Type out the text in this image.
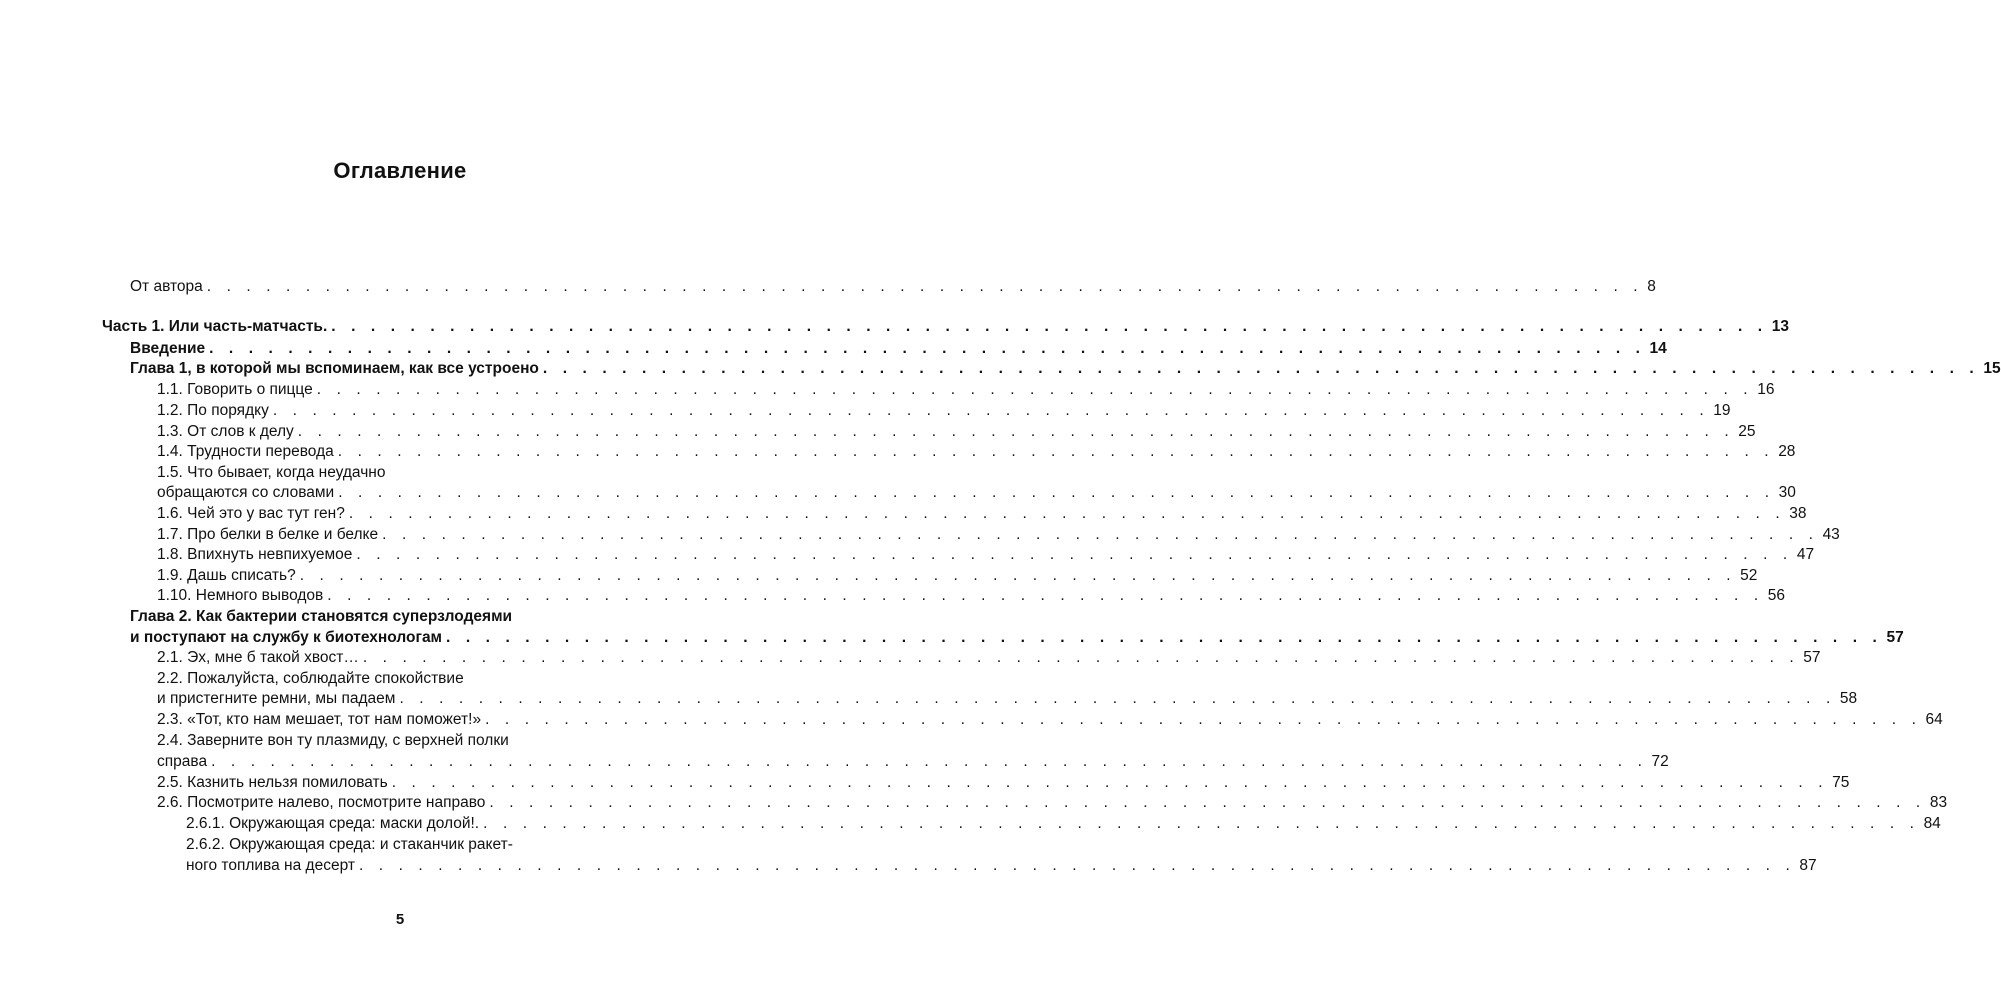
Оглавление
От автора . . . . . . . . . . . . . . . . . . . . . . . . . . . . . . . . . . . . . . . . . . . . . . . . . . . . . . . . . . . . . . . . . . . . . . . . . 8
Часть 1. Или часть-матчасть. . . . . . . . . . . . . . . . . . . . . . . . . . . . . . . . . . . . . . . . . . . . . . . . . . . . . . . . . . . . . . . . . . . . . . . . . . 13
Введение . . . . . . . . . . . . . . . . . . . . . . . . . . . . . . . . . . . . . . . . . . . . . . . . . . . . . . . . . . . . . . . . . . . . . . . . . 14
Глава 1, в которой мы вспоминаем, как все устроено . . . . . . . . . . . . . . . . . . . . . . . . . . . . . . . . . . . . . . . . . . . . . . . . . . . . . . . . . . . . . . . . . . . . . . . . . 15
1.1. Говорить о пицце . . . . . . . . . . . . . . . . . . . . . . . . . . . . . . . . . . . . . . . . . . . . . . . . . . . . . . . . . . . . . . . . . . . . . . . . . 16
1.2. По порядку . . . . . . . . . . . . . . . . . . . . . . . . . . . . . . . . . . . . . . . . . . . . . . . . . . . . . . . . . . . . . . . . . . . . . . . . . 19
1.3. От слов к делу . . . . . . . . . . . . . . . . . . . . . . . . . . . . . . . . . . . . . . . . . . . . . . . . . . . . . . . . . . . . . . . . . . . . . . . . . 25
1.4. Трудности перевода . . . . . . . . . . . . . . . . . . . . . . . . . . . . . . . . . . . . . . . . . . . . . . . . . . . . . . . . . . . . . . . . . . . . . . . . . 28
1.5. Что бывает, когда неудачно
обращаются со словами . . . . . . . . . . . . . . . . . . . . . . . . . . . . . . . . . . . . . . . . . . . . . . . . . . . . . . . . . . . . . . . . . . . . . . . . . 30
1.6. Чей это у вас тут ген? . . . . . . . . . . . . . . . . . . . . . . . . . . . . . . . . . . . . . . . . . . . . . . . . . . . . . . . . . . . . . . . . . . . . . . . . . 38
1.7. Про белки в белке и белке . . . . . . . . . . . . . . . . . . . . . . . . . . . . . . . . . . . . . . . . . . . . . . . . . . . . . . . . . . . . . . . . . . . . . . . . . 43
1.8. Впихнуть невпихуемое . . . . . . . . . . . . . . . . . . . . . . . . . . . . . . . . . . . . . . . . . . . . . . . . . . . . . . . . . . . . . . . . . . . . . . . . . 47
1.9. Дашь списать? . . . . . . . . . . . . . . . . . . . . . . . . . . . . . . . . . . . . . . . . . . . . . . . . . . . . . . . . . . . . . . . . . . . . . . . . . 52
1.10. Немного выводов . . . . . . . . . . . . . . . . . . . . . . . . . . . . . . . . . . . . . . . . . . . . . . . . . . . . . . . . . . . . . . . . . . . . . . . . . 56
Глава 2. Как бактерии становятся суперзлодеями
и поступают на службу к биотехнологам . . . . . . . . . . . . . . . . . . . . . . . . . . . . . . . . . . . . . . . . . . . . . . . . . . . . . . . . . . . . . . . . . . . . . . . . . 57
2.1. Эх, мне б такой хвост… . . . . . . . . . . . . . . . . . . . . . . . . . . . . . . . . . . . . . . . . . . . . . . . . . . . . . . . . . . . . . . . . . . . . . . . . . 57
2.2. Пожалуйста, соблюдайте спокойствие
и пристегните ремни, мы падаем . . . . . . . . . . . . . . . . . . . . . . . . . . . . . . . . . . . . . . . . . . . . . . . . . . . . . . . . . . . . . . . . . . . . . . . . . 58
2.3. «Тот, кто нам мешает, тот нам поможет!» . . . . . . . . . . . . . . . . . . . . . . . . . . . . . . . . . . . . . . . . . . . . . . . . . . . . . . . . . . . . . . . . . . . . . . . . . 64
2.4. Заверните вон ту плазмиду, с верхней полки
справа . . . . . . . . . . . . . . . . . . . . . . . . . . . . . . . . . . . . . . . . . . . . . . . . . . . . . . . . . . . . . . . . . . . . . . . . . 72
2.5. Казнить нельзя помиловать . . . . . . . . . . . . . . . . . . . . . . . . . . . . . . . . . . . . . . . . . . . . . . . . . . . . . . . . . . . . . . . . . . . . . . . . . 75
2.6. Посмотрите налево, посмотрите направо . . . . . . . . . . . . . . . . . . . . . . . . . . . . . . . . . . . . . . . . . . . . . . . . . . . . . . . . . . . . . . . . . . . . . . . . . 83
2.6.1. Окружающая среда: маски долой!. . . . . . . . . . . . . . . . . . . . . . . . . . . . . . . . . . . . . . . . . . . . . . . . . . . . . . . . . . . . . . . . . . . . . . . . . . 84
2.6.2. Окружающая среда: и стаканчик ракет-
ного топлива на десерт . . . . . . . . . . . . . . . . . . . . . . . . . . . . . . . . . . . . . . . . . . . . . . . . . . . . . . . . . . . . . . . . . . . . . . . . . 87
5
